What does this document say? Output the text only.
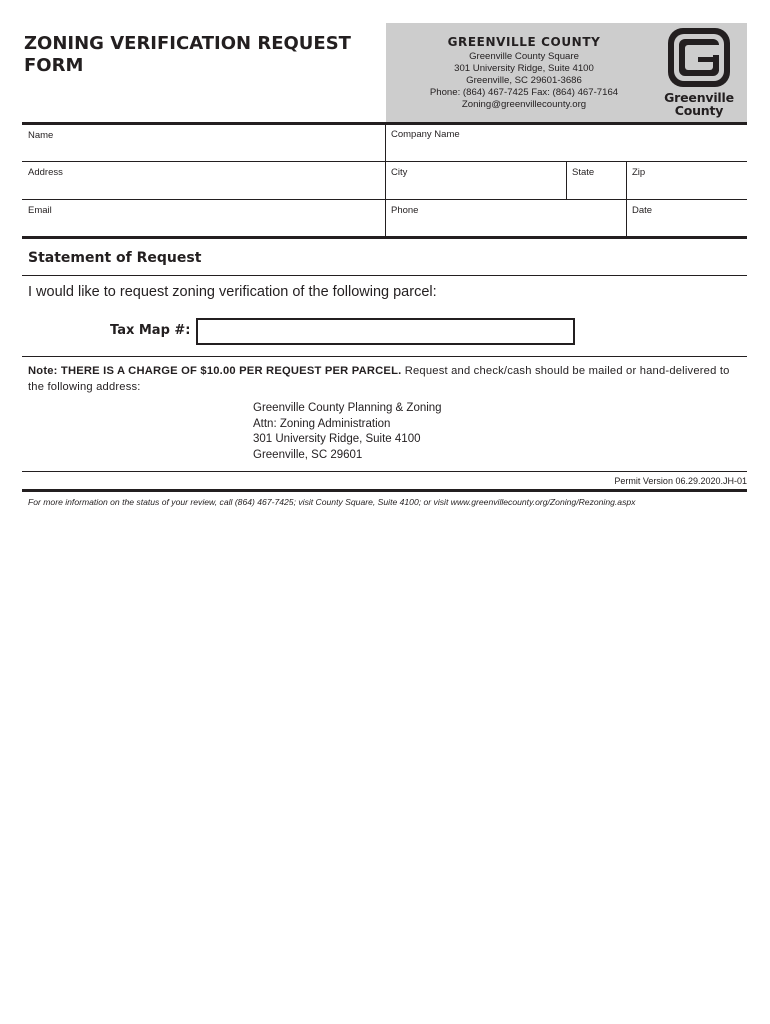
ZONING VERIFICATION REQUEST FORM
GREENVILLE COUNTY
Greenville County Square
301 University Ridge, Suite 4100
Greenville, SC 29601-3686
Phone: (864) 467-7425 Fax: (864) 467-7164
Zoning@greenvillecounty.org	Greenville
County
Name	Company Name
Address	City	State	Zip
Email	Phone	Date
Statement of Request
I would like to request zoning verification of the following parcel:
Tax Map #:
Note: THERE IS A CHARGE OF $10.00 PER REQUEST PER PARCEL. Request and check/cash should be mailed or hand-delivered to the following address:
Greenville County Planning & Zoning
Attn: Zoning Administration
301 University Ridge, Suite 4100
Greenville, SC 29601
Permit Version 06.29.2020.JH-01
For more information on the status of your review, call (864) 467-7425; visit County Square, Suite 4100; or visit www.greenvillecounty.org/Zoning/Rezoning.aspx
